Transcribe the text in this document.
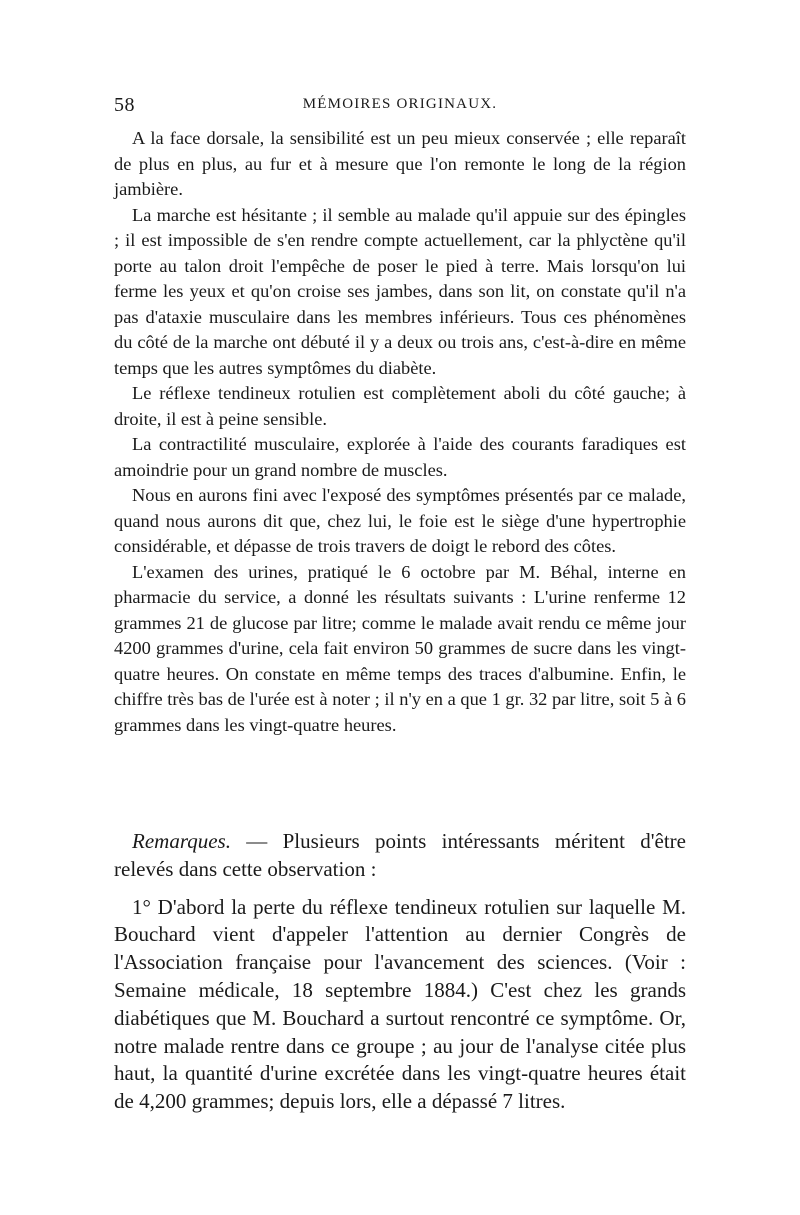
58	MÉMOIRES ORIGINAUX.

A la face dorsale, la sensibilité est un peu mieux conservée ; elle reparaît de plus en plus, au fur et à mesure que l'on remonte le long de la région jambière.

La marche est hésitante ; il semble au malade qu'il appuie sur des épingles ; il est impossible de s'en rendre compte actuellement, car la phlyctène qu'il porte au talon droit l'empêche de poser le pied à terre. Mais lorsqu'on lui ferme les yeux et qu'on croise ses jambes, dans son lit, on constate qu'il n'a pas d'ataxie musculaire dans les membres inférieurs. Tous ces phénomènes du côté de la marche ont débuté il y a deux ou trois ans, c'est-à-dire en même temps que les autres symptômes du diabète.

Le réflexe tendineux rotulien est complètement aboli du côté gauche; à droite, il est à peine sensible.

La contractilité musculaire, explorée à l'aide des courants faradiques est amoindrie pour un grand nombre de muscles.

Nous en aurons fini avec l'exposé des symptômes présentés par ce malade, quand nous aurons dit que, chez lui, le foie est le siège d'une hypertrophie considérable, et dépasse de trois travers de doigt le rebord des côtes.

L'examen des urines, pratiqué le 6 octobre par M. Béhal, interne en pharmacie du service, a donné les résultats suivants : L'urine renferme 12 grammes 21 de glucose par litre; comme le malade avait rendu ce même jour 4200 grammes d'urine, cela fait environ 50 grammes de sucre dans les vingt-quatre heures. On constate en même temps des traces d'albumine. Enfin, le chiffre très bas de l'urée est à noter ; il n'y en a que 1 gr. 32 par litre, soit 5 à 6 grammes dans les vingt-quatre heures.

Remarques. — Plusieurs points intéressants méritent d'être relevés dans cette observation :

1° D'abord la perte du réflexe tendineux rotulien sur laquelle M. Bouchard vient d'appeler l'attention au dernier Congrès de l'Association française pour l'avancement des sciences. (Voir : Semaine médicale, 18 septembre 1884.) C'est chez les grands diabétiques que M. Bouchard a surtout rencontré ce symptôme. Or, notre malade rentre dans ce groupe ; au jour de l'analyse citée plus haut, la quantité d'urine excrétée dans les vingt-quatre heures était de 4,200 grammes; depuis lors, elle a dépassé 7 litres.
